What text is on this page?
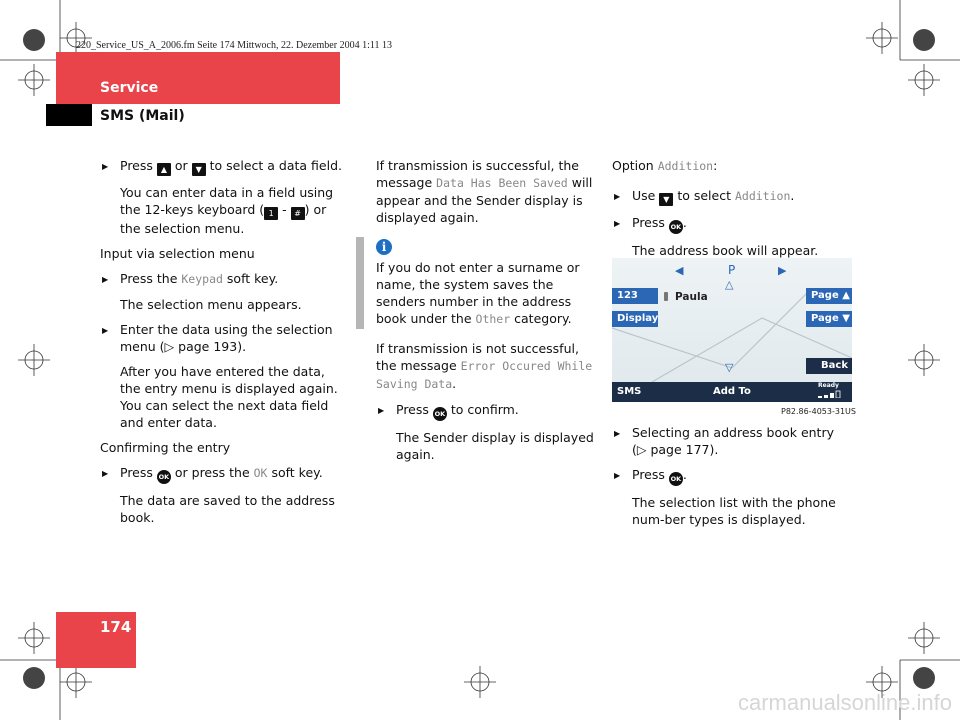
220_Service_US_A_2006.fm Seite 174 Mittwoch, 22. Dezember 2004 1:11 13
Service
SMS (Mail)
174

▶ Press ▲ or ▼ to select a data field.

You can enter data in a field using the 12-keys keyboard ( 1 - # ) or the selection menu.

Input via selection menu

▶ Press the Keypad soft key.

The selection menu appears.

▶ Enter the data using the selection menu (▷ page 193).

After you have entered the data, the entry menu is displayed again. You can select the next data field and enter data.

Confirming the entry

▶ Press OK or press the OK soft key.

The data are saved to the address book.

If transmission is successful, the message Data Has Been Saved will appear and the Sender display is displayed again.

i

If you do not enter a surname or name, the system saves the senders number in the address book under the Other category.

If transmission is not successful, the message Error Occured While Saving Data.

▶ Press OK to confirm.

The Sender display is displayed again.

Option Addition:

▶ Use ▼ to select Addition.

▶ Press OK .

The address book will appear.

◀	P	▶
△
123
Display
Paula	Page ▲
Page ▼
▽	Back
SMS	Add To
Ready
P82.86-4053-31US

▶ Selecting an address book entry (▷ page 177).

▶ Press OK .

The selection list with the phone num-ber types is displayed.

carmanualsonline.info
